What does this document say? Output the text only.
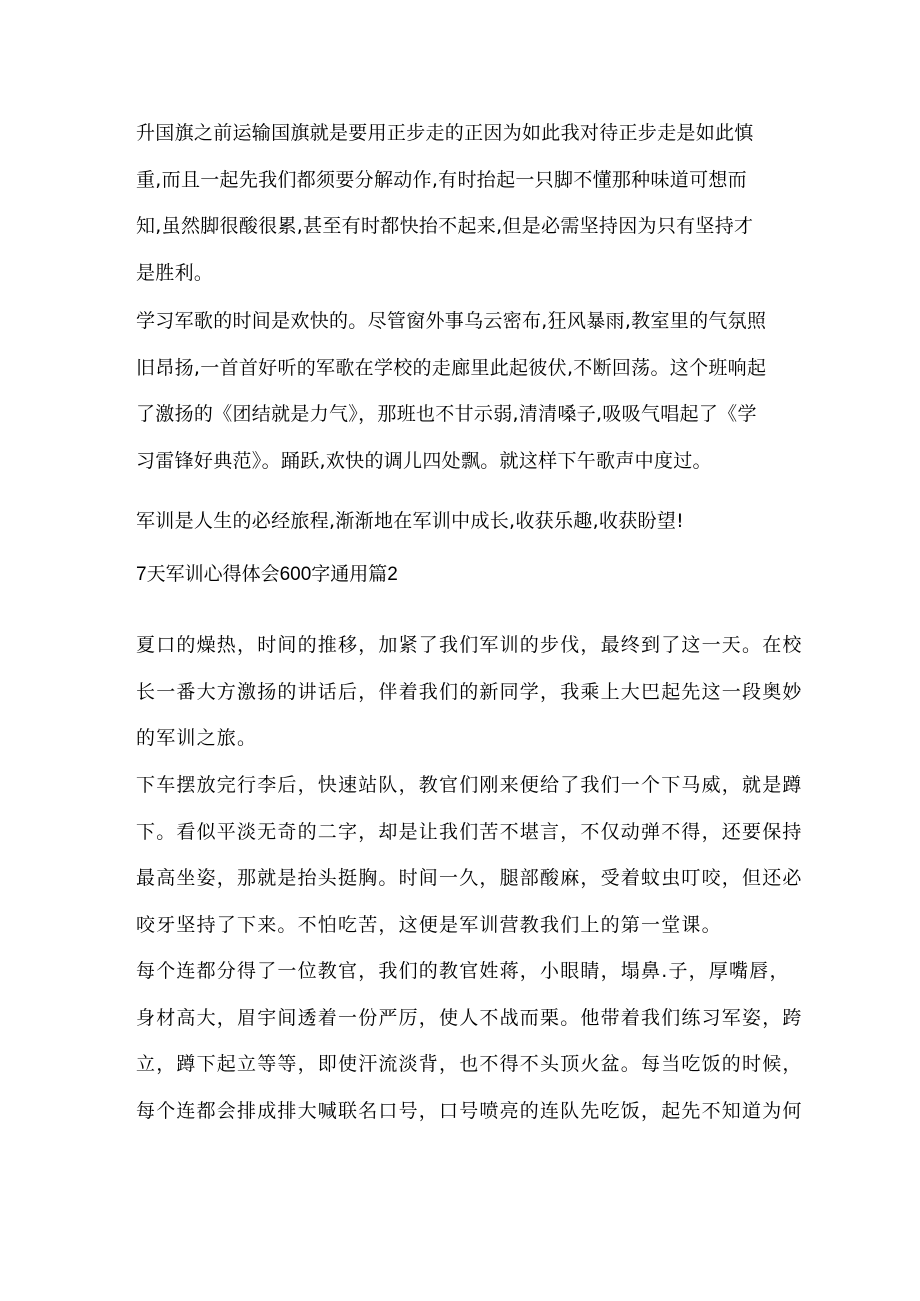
升国旗之前运输国旗就是要用正步走的正因为如此我对待正步走是如此慎
重,而且一起先我们都须要分解动作,有时抬起一只脚不懂那种味道可想而
知,虽然脚很酸很累,甚至有时都快抬不起来,但是必需坚持因为只有坚持才
是胜利。
学习军歌的时间是欢快的。尽管窗外事乌云密布,狂风暴雨,教室里的气氛照
旧昂扬,一首首好听的军歌在学校的走廊里此起彼伏,不断回荡。这个班响起
了激扬的《团结就是力气》，那班也不甘示弱,清清嗓子,吸吸气唱起了《学
习雷锋好典范》。踊跃,欢快的调儿四处飘。就这样下午歌声中度过。
军训是人生的必经旅程,渐渐地在军训中成长,收获乐趣,收获盼望!
7天军训心得体会600字通用篇2
夏口的燥热，时间的推移，加紧了我们军训的步伐，最终到了这一天。在校
长一番大方激扬的讲话后，伴着我们的新同学，我乘上大巴起先这一段奥妙
的军训之旅。
下车摆放完行李后，快速站队，教官们刚来便给了我们一个下马威，就是蹲
下。看似平淡无奇的二字，却是让我们苦不堪言，不仅动弹不得，还要保持
最高坐姿，那就是抬头挺胸。时间一久，腿部酸麻，受着蚊虫叮咬，但还必
咬牙坚持了下来。不怕吃苦，这便是军训营教我们上的第一堂课。
每个连都分得了一位教官，我们的教官姓蒋，小眼睛，塌鼻.子，厚嘴唇，
身材高大，眉宇间透着一份严厉，使人不战而栗。他带着我们练习军姿，跨
立，蹲下起立等等，即使汗流淡背，也不得不头顶火盆。每当吃饭的时候，
每个连都会排成排大喊联名口号，口号喷亮的连队先吃饭，起先不知道为何
